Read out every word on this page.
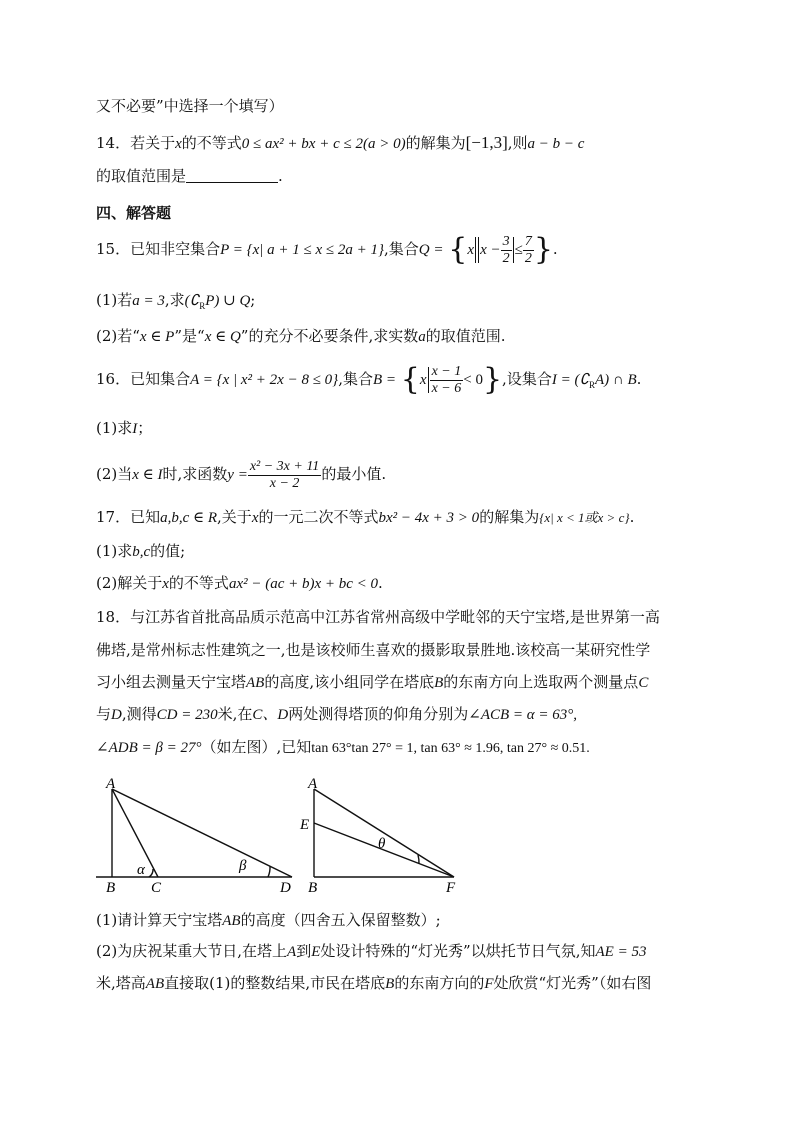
又不必要”中选择一个填写）
14．若关于x的不等式0 ≤ ax² + bx + c ≤ 2(a > 0)的解集为[−1,3],则a − b − c
的取值范围是	.
四、解答题
15．已知非空集合P = {x| a + 1 ≤ x ≤ 2a + 1},集合Q = {x $x - \frac{3}{2} \le \frac{7}{2}$ }.
(1)若a = 3,求$(∁_RP)$ ∪ Q;
(2)若“x ∈ P”是“x ∈ Q”的充分不必要条件,求实数a的取值范围.
16．已知集合A = {x | x² + 2x − 8 ≤ 0},集合$B = \{x \frac{x - 1}{x - 6} < 0\}$,设集合$I = (∁_RA)$ ∩ B.
(1)求I；
(2)当x ∈ I时,求函数$y = \frac{\text{x² − 3x + 11}}{x - 2}$ 的最小值.
17．已知a,b,c ∈ R,关于x的一元二次不等式bx² − 4x + 3 > 0的解集为{x| x < 1或x > c}.
(1)求b,c的值;
(2)解关于x的不等式ax² − (ac + b)x + bc < 0.
18．与江苏省首批高品质示范高中江苏省常州高级中学毗邻的天宁宝塔,是世界第一高
佛塔,是常州标志性建筑之一,也是该校师生喜欢的摄影取景胜地.该校高一某研究性学
习小组去测量天宁宝塔AB的高度,该小组同学在塔底B的东南方向上选取两个测量点C
与D,测得CD = 230米,在C、D两处测得塔顶的仰角分别为∠ACB = α = 63°,
∠ADB = β = 27°（如左图）,已知tan 63°tan 27° = 1, tan 63° ≈ 1.96, tan 27° ≈ 0.51.
A
B C	D
α	β
A
E
B	F
θ
(1)请计算天宁宝塔AB的高度（四舍五入保留整数）;
(2)为庆祝某重大节日,在塔上A到E处设计特殊的“灯光秀”以烘托节日气氛,知AE = 53
米,塔高AB直接取(1)的整数结果,市民在塔底B的东南方向的F处欣赏“灯光秀”（如右图
